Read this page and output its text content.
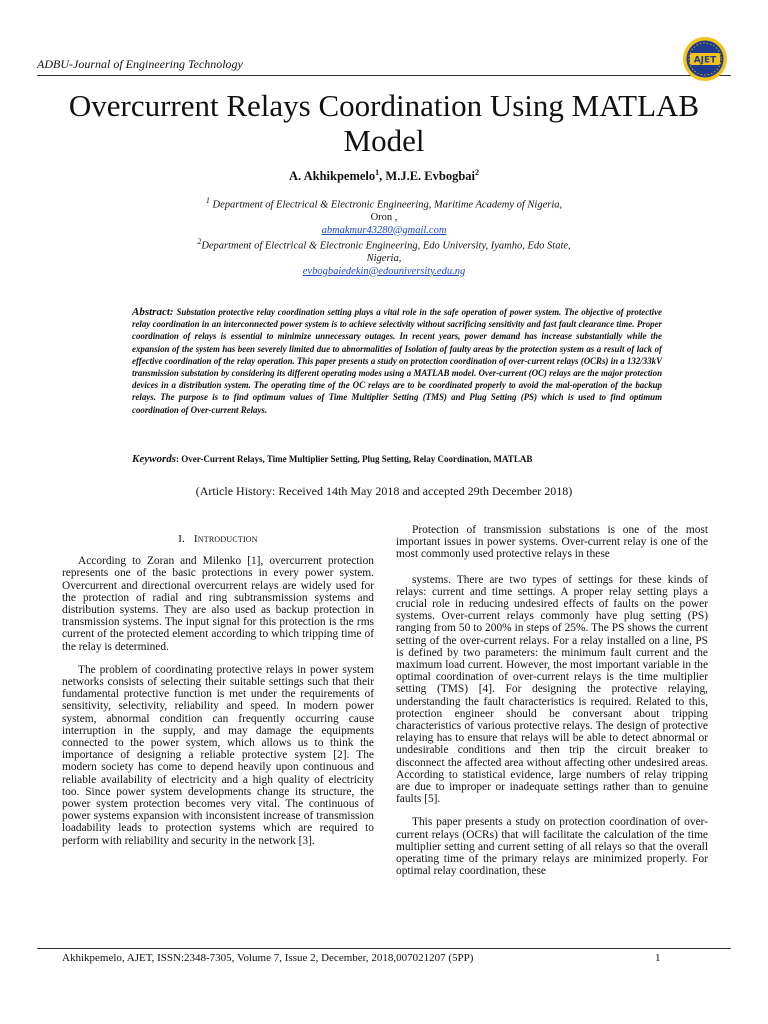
ADBU-Journal of Engineering Technology	AJET
Overcurrent Relays Coordination Using MATLAB Model
A. Akhikpemelo$^1$, M.J.E. Evbogbai$^2$
$^1$ Department of Electrical & Electronic Engineering, Maritime Academy of Nigeria,
Oron ,
abmakmur43280@gmail.com
$^2$Department of Electrical & Electronic Engineering, Edo University, Iyamho, Edo State,
Nigeria,
evbogbaiedekin@edouniversity.edu.ng
Abstract: Substation protective relay coordination setting plays a vital role in the safe operation of power system. The objective of protective relay coordination in an interconnected power system is to achieve selectivity without sacrificing sensitivity and fast fault clearance time. Proper coordination of relays is essential to minimize unnecessary outages. In recent years, power demand has increase substantially while the expansion of the system has been severely limited due to abnormalities of Isolation of faulty areas by the protection system as a result of lack of effective coordination of the relay operation. This paper presents a study on protection coordination of over-current relays (OCRs) in a 132/33kV transmission substation by considering its different operating modes using a MATLAB model. Over-current (OC) relays are the major protection devices in a distribution system. The operating time of the OC relays are to be coordinated properly to avoid the mal-operation of the backup relays. The purpose is to find optimum values of Time Multiplier Setting (TMS) and Plug Setting (PS) which is used to find optimum coordination of Over-current Relays.
Keywords: Over-Current Relays, Time Multiplier Setting, Plug Setting, Relay Coordination, MATLAB
(Article History: Received 14th May 2018 and accepted 29th December 2018)
I. Introduction

According to Zoran and Milenko [1], overcurrent protection represents one of the basic protections in every power system. Overcurrent and directional overcurrent relays are widely used for the protection of radial and ring subtransmission systems and distribution systems. They are also used as backup protection in transmission systems. The input signal for this protection is the rms current of the protected element according to which tripping time of the relay is determined.

The problem of coordinating protective relays in power system networks consists of selecting their suitable settings such that their fundamental protective function is met under the requirements of sensitivity, selectivity, reliability and speed. In modern power system, abnormal condition can frequently occurring cause interruption in the supply, and may damage the equipments connected to the power system, which allows us to think the importance of designing a reliable protective system [2]. The modern society has come to depend heavily upon continuous and reliable availability of electricity and a high quality of electricity too. Since power system developments change its structure, the power system protection becomes very vital. The continuous of power systems expansion with inconsistent increase of transmission loadability leads to protection systems which are required to perform with reliability and security in the network [3].

Protection of transmission substations is one of the most important issues in power systems. Over-current relay is one of the most commonly used protective relays in these

systems. There are two types of settings for these kinds of relays: current and time settings. A proper relay setting plays a crucial role in reducing undesired effects of faults on the power systems. Over-current relays commonly have plug setting (PS) ranging from 50 to 200% in steps of 25%. The PS shows the current setting of the over-current relays. For a relay installed on a line, PS is defined by two parameters: the minimum fault current and the maximum load current. However, the most important variable in the optimal coordination of over-current relays is the time multiplier setting (TMS) [4]. For designing the protective relaying, understanding the fault characteristics is required. Related to this, protection engineer should be conversant about tripping characteristics of various protective relays. The design of protective relaying has to ensure that relays will be able to detect abnormal or undesirable conditions and then trip the circuit breaker to disconnect the affected area without affecting other undesired areas. According to statistical evidence, large numbers of relay tripping are due to improper or inadequate settings rather than to genuine faults [5].

This paper presents a study on protection coordination of over-current relays (OCRs) that will facilitate the calculation of the time multiplier setting and current setting of all relays so that the overall operating time of the primary relays are minimized properly. For optimal relay coordination, these

Akhikpemelo, AJET, ISSN:2348-7305, Volume 7, Issue 2, December, 2018,007021207 (5PP)	1
